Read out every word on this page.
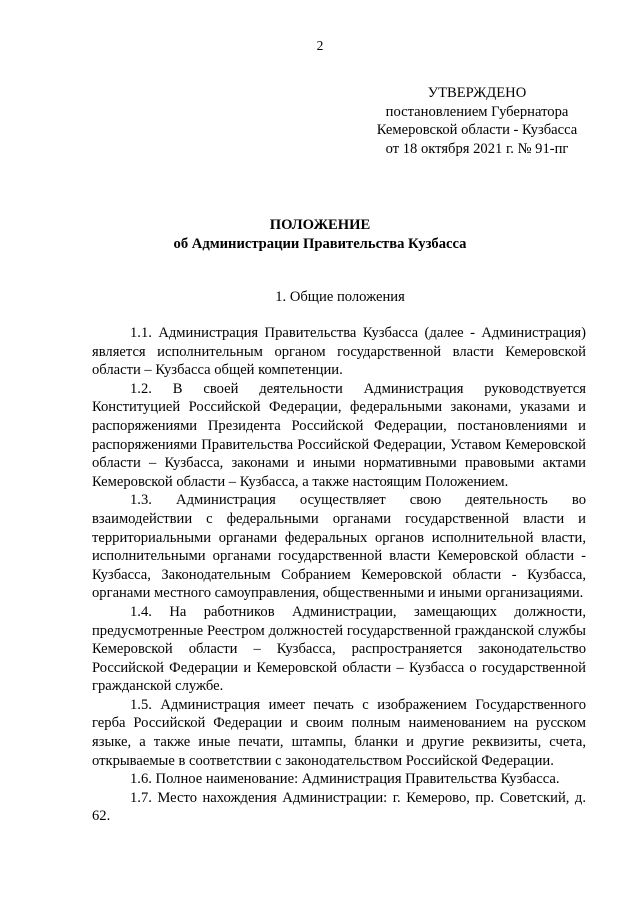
2
УТВЕРЖДЕНО
постановлением Губернатора
Кемеровской области - Кузбасса
от 18 октября 2021 г. № 91-пг
ПОЛОЖЕНИЕ
об Администрации Правительства Кузбасса
1. Общие положения

1.1. Администрация Правительства Кузбасса (далее - Администрация) является исполнительным органом государственной власти Кемеровской области – Кузбасса общей компетенции.

1.2. В своей деятельности Администрация руководствуется Конституцией Российской Федерации, федеральными законами, указами и распоряжениями Президента Российской Федерации, постановлениями и распоряжениями Правительства Российской Федерации, Уставом Кемеровской области – Кузбасса, законами и иными нормативными правовыми актами Кемеровской области – Кузбасса, а также настоящим Положением.

1.3. Администрация осуществляет свою деятельность во взаимодействии с федеральными органами государственной власти и территориальными органами федеральных органов исполнительной власти, исполнительными органами государственной власти Кемеровской области - Кузбасса, Законодательным Собранием Кемеровской области - Кузбасса, органами местного самоуправления, общественными и иными организациями.

1.4. На работников Администрации, замещающих должности, предусмотренные Реестром должностей государственной гражданской службы Кемеровской области – Кузбасса, распространяется законодательство Российской Федерации и Кемеровской области – Кузбасса о государственной гражданской службе.

1.5. Администрация имеет печать с изображением Государственного герба Российской Федерации и своим полным наименованием на русском языке, а также иные печати, штампы, бланки и другие реквизиты, счета, открываемые в соответствии с законодательством Российской Федерации.

1.6. Полное наименование: Администрация Правительства Кузбасса.

1.7. Место нахождения Администрации: г. Кемерово, пр. Советский, д. 62.
